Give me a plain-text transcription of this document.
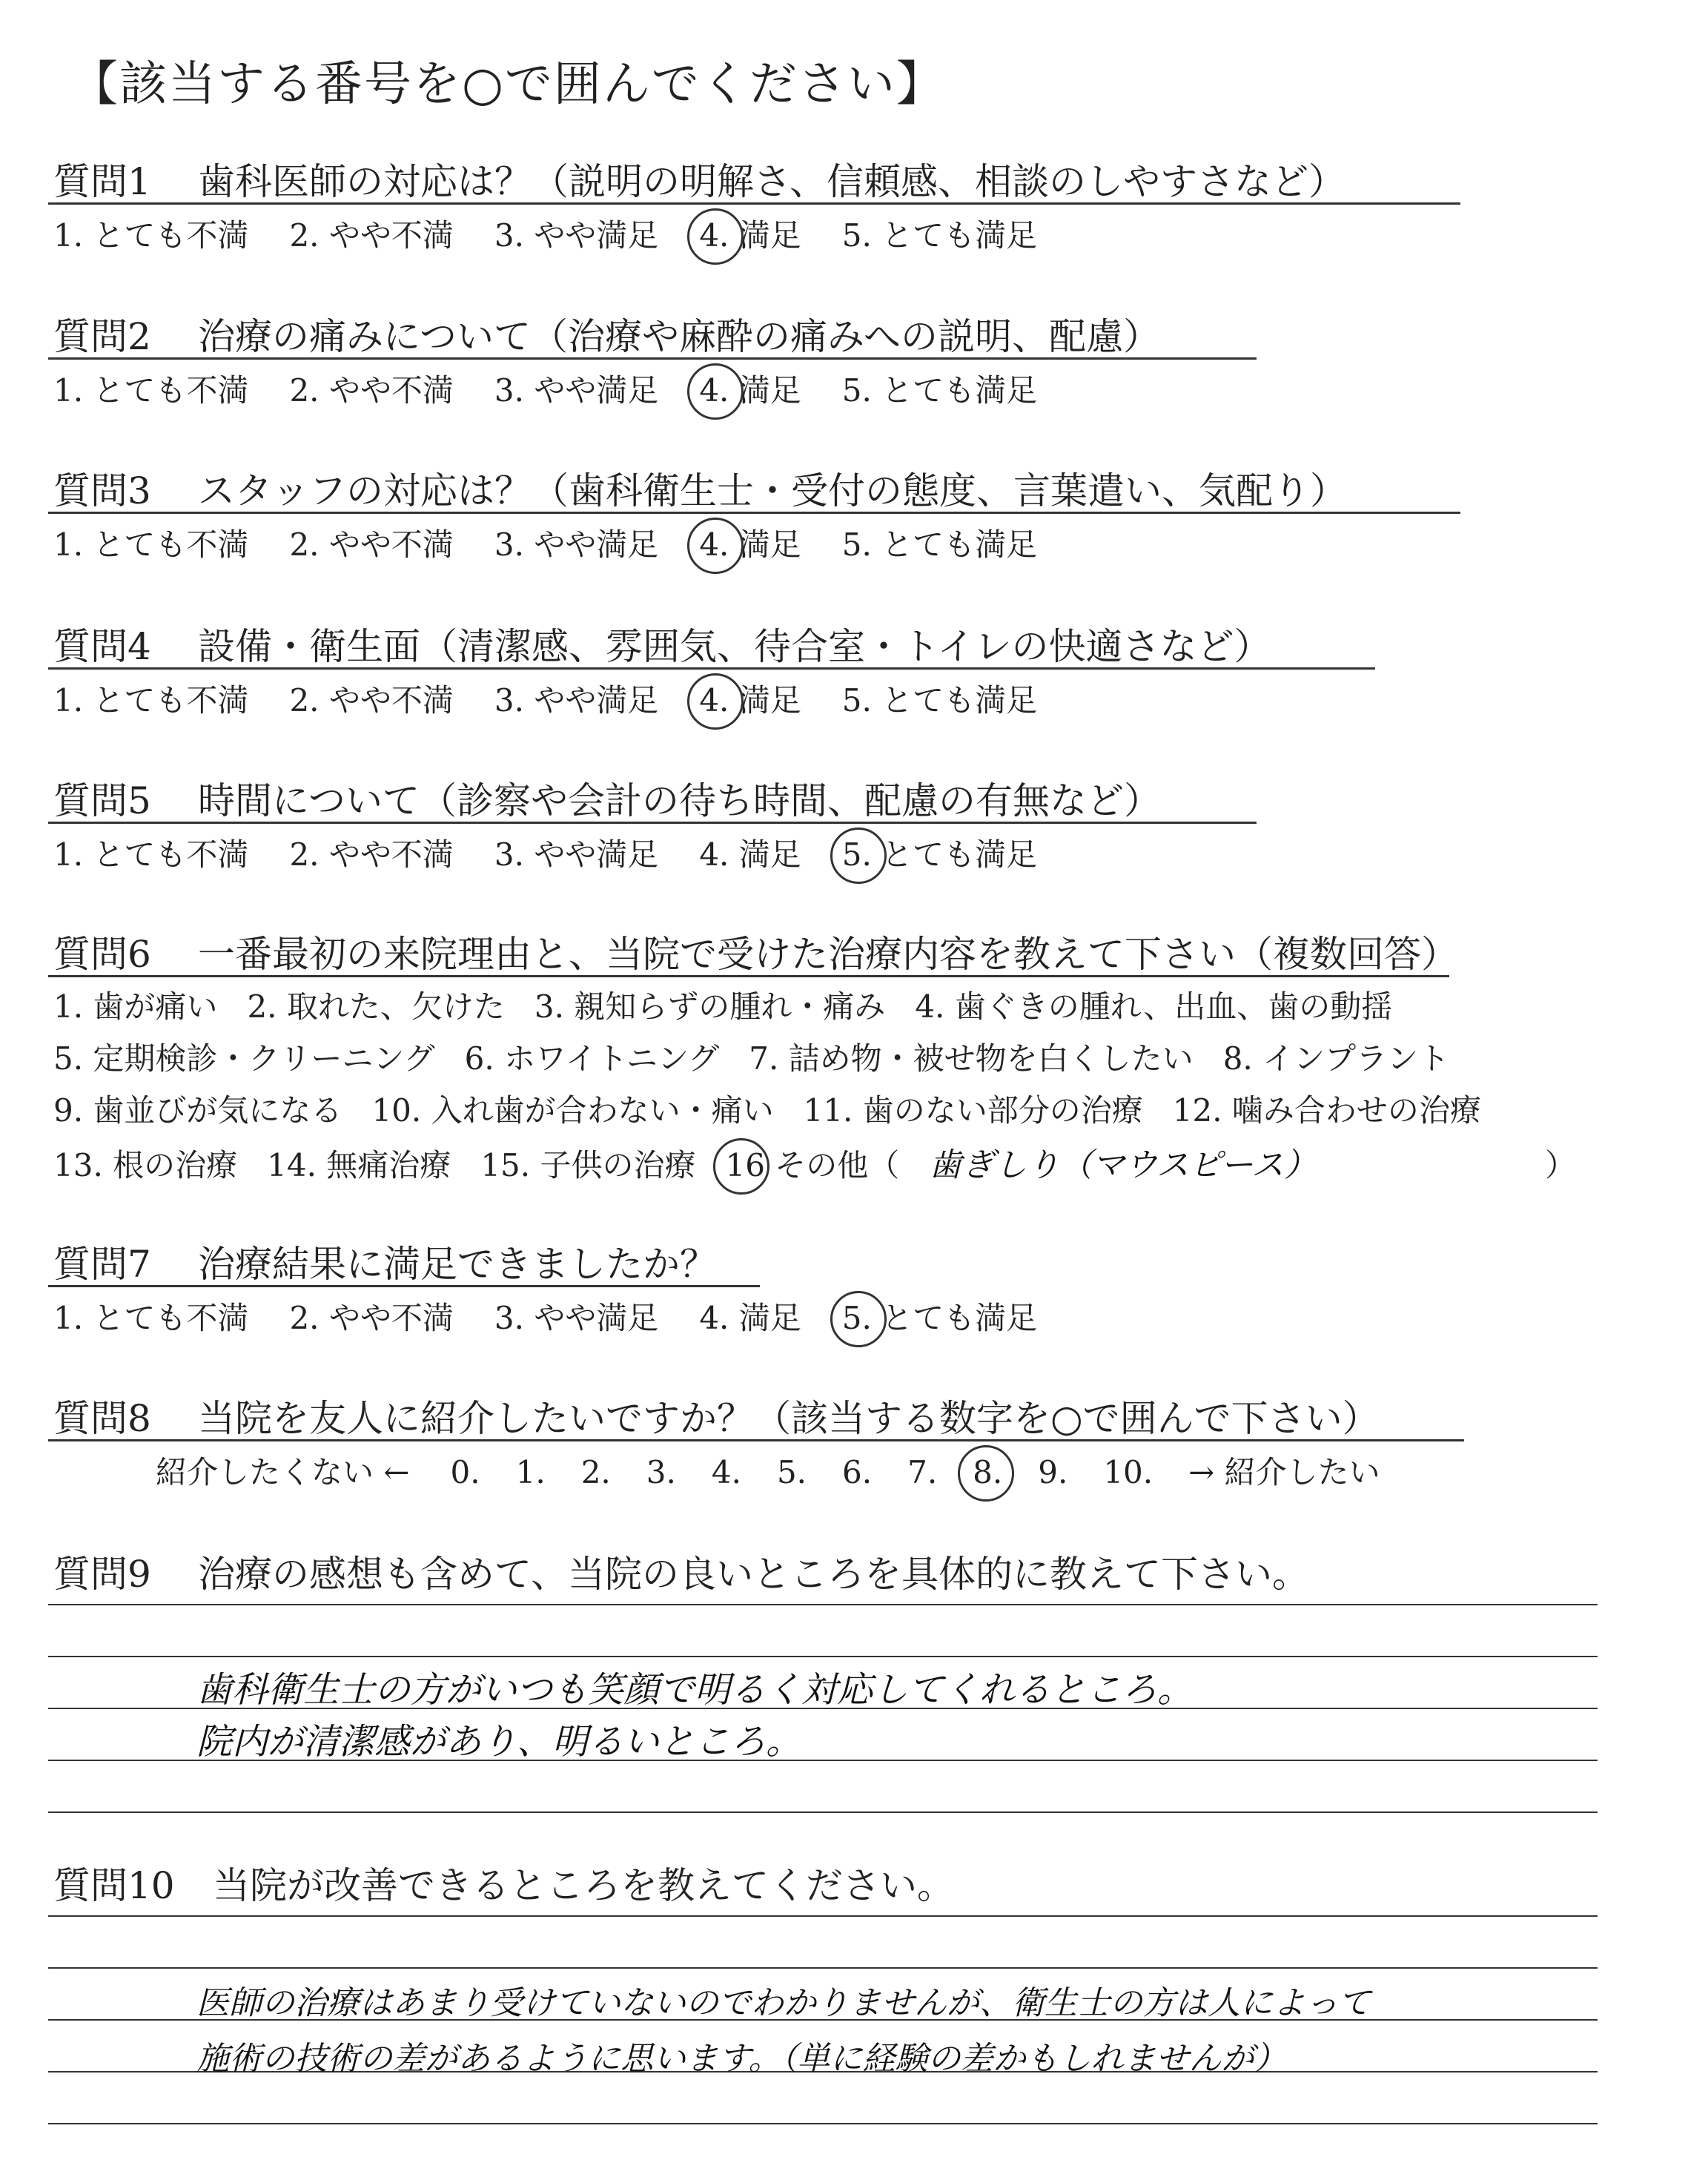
【該当する番号を○で囲んでください】
質問1 歯科医師の対応は？（説明の明解さ、信頼感、相談のしやすさなど）
1. とても不満 2. やや不満 3. やや満足 4. 満足 5. とても満足
質問2 治療の痛みについて（治療や麻酔の痛みへの説明、配慮）
1. とても不満 2. やや不満 3. やや満足 4. 満足 5. とても満足
質問3 スタッフの対応は？（歯科衛生士・受付の態度、言葉遣い、気配り）
1. とても不満 2. やや不満 3. やや満足 4. 満足 5. とても満足
質問4 設備・衛生面（清潔感、雰囲気、待合室・トイレの快適さなど）
1. とても不満 2. やや不満 3. やや満足 4. 満足 5. とても満足
質問5 時間について（診察や会計の待ち時間、配慮の有無など）
1. とても不満 2. やや不満 3. やや満足 4. 満足 5. とても満足
質問6 一番最初の来院理由と、当院で受けた治療内容を教えて下さい（複数回答）
1. 歯が痛い 2. 取れた、欠けた 3. 親知らずの腫れ・痛み 4. 歯ぐきの腫れ、出血、歯の動揺
5. 定期検診・クリーニング 6. ホワイトニング 7. 詰め物・被せ物を白くしたい 8. インプラント
9. 歯並びが気になる 10. 入れ歯が合わない・痛い 11. 歯のない部分の治療 12. 噛み合わせの治療
13. 根の治療 14. 無痛治療 15. 子供の治療 16 その他（ 歯ぎしり（マウスピース）	）
質問7 治療結果に満足できましたか？
1. とても不満 2. やや不満 3. やや満足 4. 満足 5. とても満足
質問8 当院を友人に紹介したいですか？（該当する数字を○で囲んで下さい）
紹介したくない ← 0. 1. 2. 3. 4. 5. 6. 7. 8. 9. 10. → 紹介したい
質問9 治療の感想も含めて、当院の良いところを具体的に教えて下さい。
歯科衛生士の方がいつも笑顔で明るく対応してくれるところ。
院内が清潔感があり、明るいところ。
質問10 当院が改善できるところを教えてください。
医師の治療はあまり受けていないのでわかりませんが、衛生士の方は人によって
施術の技術の差があるように思います。（単に経験の差かもしれませんが）
